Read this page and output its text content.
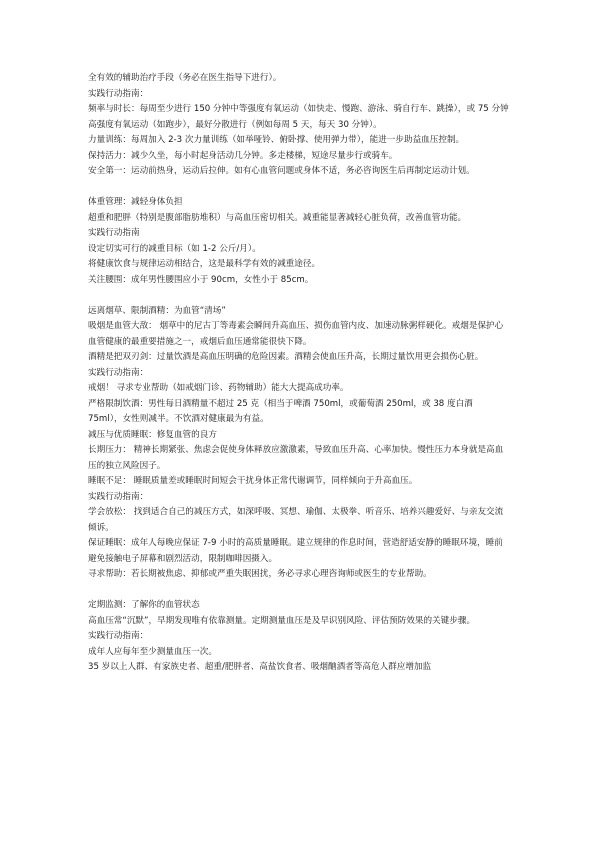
全有效的辅助治疗手段（务必在医生指导下进行）。
实践行动指南：
频率与时长：每周至少进行 150 分钟中等强度有氧运动（如快走、慢跑、游泳、骑自行车、跳操），或 75 分钟高强度有氧运动（如跑步），最好分散进行（例如每周 5 天，每天 30 分钟）。
力量训练：每周加入 2-3 次力量训练（如举哑铃、俯卧撑、使用弹力带），能进一步助益血压控制。
保持活力：减少久坐，每小时起身活动几分钟。多走楼梯，短途尽量步行或骑车。
安全第一：运动前热身，运动后拉伸。如有心血管问题或身体不适，务必咨询医生后再制定运动计划。
体重管理：减轻身体负担
超重和肥胖（特别是腹部脂肪堆积）与高血压密切相关。减重能显著减轻心脏负荷，改善血管功能。
实践行动指南
设定切实可行的减重目标（如 1-2 公斤/月）。
将健康饮食与规律运动相结合，这是最科学有效的减重途径。
关注腰围：成年男性腰围应小于 90cm，女性小于 85cm。
远离烟草、限制酒精：为血管“清场”
吸烟是血管大敌： 烟草中的尼古丁等毒素会瞬间升高血压、损伤血管内皮、加速动脉粥样硬化。戒烟是保护心血管健康的最重要措施之一，戒烟后血压通常能很快下降。
酒精是把双刃剑：过量饮酒是高血压明确的危险因素。酒精会使血压升高，长期过量饮用更会损伤心脏。
实践行动指南：
戒烟！ 寻求专业帮助（如戒烟门诊、药物辅助）能大大提高成功率。
严格限制饮酒：男性每日酒精量不超过 25 克（相当于啤酒 750ml，或葡萄酒 250ml，或 38 度白酒 75ml），女性则减半。不饮酒对健康最为有益。
减压与优质睡眠：修复血管的良方
长期压力： 精神长期紧张、焦虑会促使身体释放应激激素，导致血压升高、心率加快。慢性压力本身就是高血压的独立风险因子。
睡眠不足： 睡眠质量差或睡眠时间短会干扰身体正常代谢调节，同样倾向于升高血压。
实践行动指南：
学会放松： 找到适合自己的减压方式，如深呼吸、冥想、瑜伽、太极拳、听音乐、培养兴趣爱好、与亲友交流倾诉。
保证睡眠：成年人每晚应保证 7-9 小时的高质量睡眠。建立规律的作息时间，营造舒适安静的睡眠环境，睡前避免接触电子屏幕和剧烈活动，限制咖啡因摄入。
寻求帮助：若长期被焦虑、抑郁或严重失眠困扰，务必寻求心理咨询师或医生的专业帮助。
定期监测：了解你的血管状态
高血压常“沉默”，早期发现唯有依靠测量。定期测量血压是及早识别风险、评估预防效果的关键步骤。
实践行动指南：
成年人应每年至少测量血压一次。
35 岁以上人群、有家族史者、超重/肥胖者、高盐饮食者、吸烟酗酒者等高危人群应增加监
